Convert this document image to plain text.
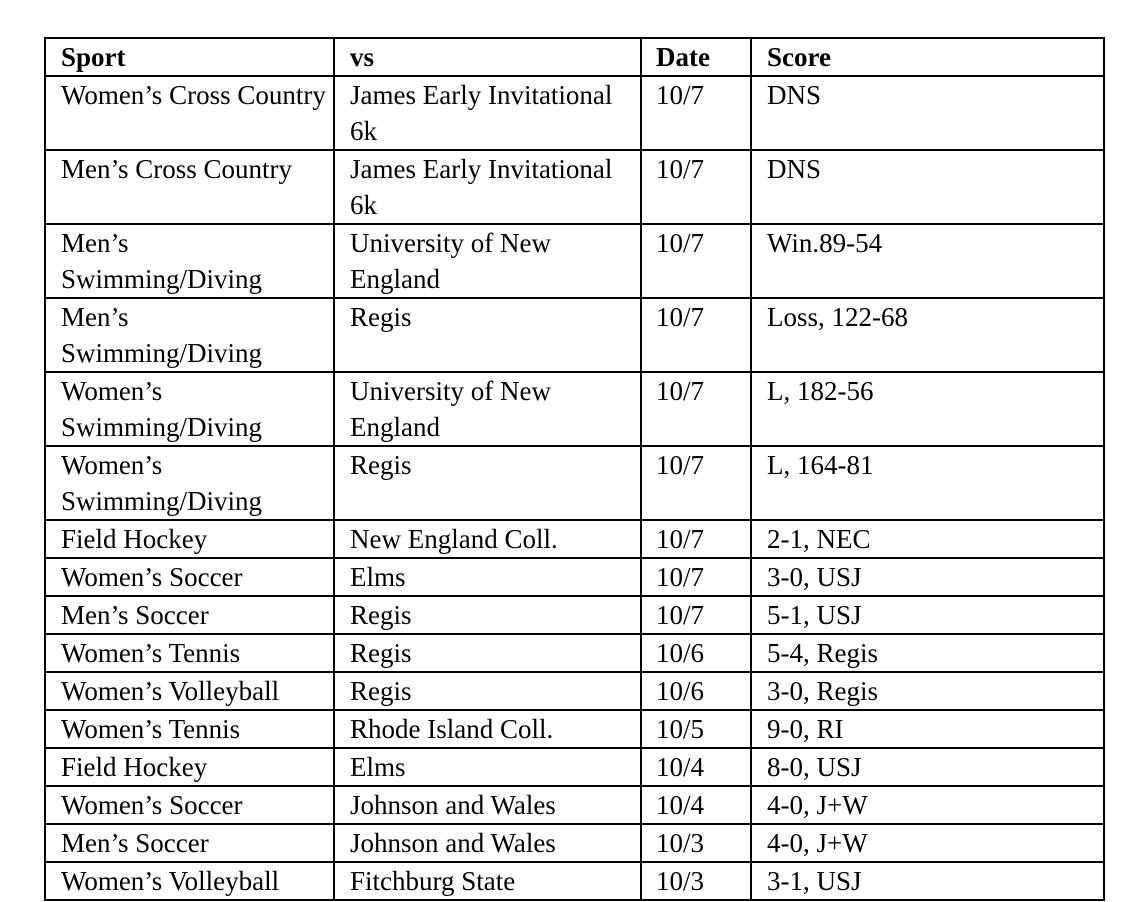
Sport	vs	Date	Score
Women’s Cross Country	James Early Invitational 6k	10/7	DNS
Men’s Cross Country	James Early Invitational 6k	10/7	DNS
Men’s Swimming/Diving	University of New England	10/7	Win.89-54
Men’s Swimming/Diving	Regis	10/7	Loss, 122-68
Women’s Swimming/Diving	University of New England	10/7	L, 182-56
Women’s Swimming/Diving	Regis	10/7	L, 164-81
Field Hockey	New England Coll.	10/7	2-1, NEC
Women’s Soccer	Elms	10/7	3-0, USJ
Men’s Soccer	Regis	10/7	5-1, USJ
Women’s Tennis	Regis	10/6	5-4, Regis
Women’s Volleyball	Regis	10/6	3-0, Regis
Women’s Tennis	Rhode Island Coll.	10/5	9-0, RI
Field Hockey	Elms	10/4	8-0, USJ
Women’s Soccer	Johnson and Wales	10/4	4-0, J+W
Men’s Soccer	Johnson and Wales	10/3	4-0, J+W
Women’s Volleyball	Fitchburg State	10/3	3-1, USJ
